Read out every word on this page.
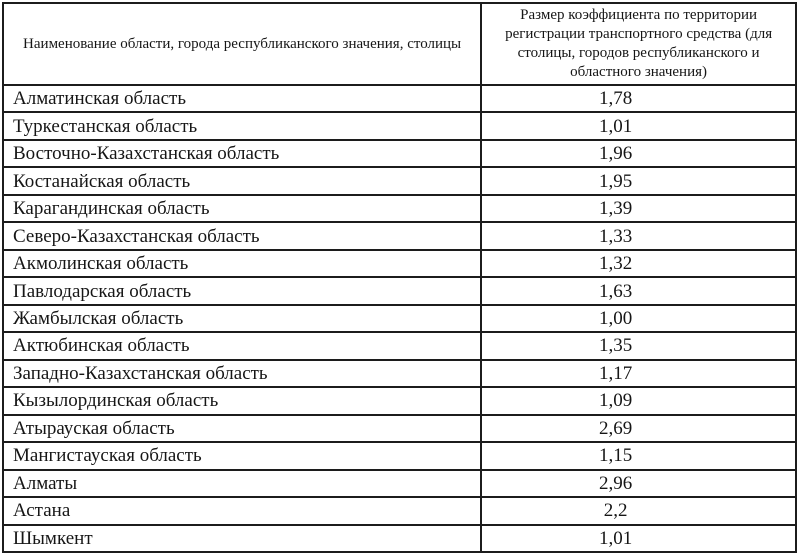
Наименование области, города республиканского значения, столицы	Размер коэффициента по территории регистрации транспортного средства (для столицы, городов республиканского и областного значения)
Алматинская область	1,78
Туркестанская область	1,01
Восточно-Казахстанская область	1,96
Костанайская область	1,95
Карагандинская область	1,39
Северо-Казахстанская область	1,33
Акмолинская область	1,32
Павлодарская область	1,63
Жамбылская область	1,00
Актюбинская область	1,35
Западно-Казахстанская область	1,17
Кызылординская область	1,09
Атырауская область	2,69
Мангистауская область	1,15
Алматы	2,96
Астана	2,2
Шымкент	1,01
